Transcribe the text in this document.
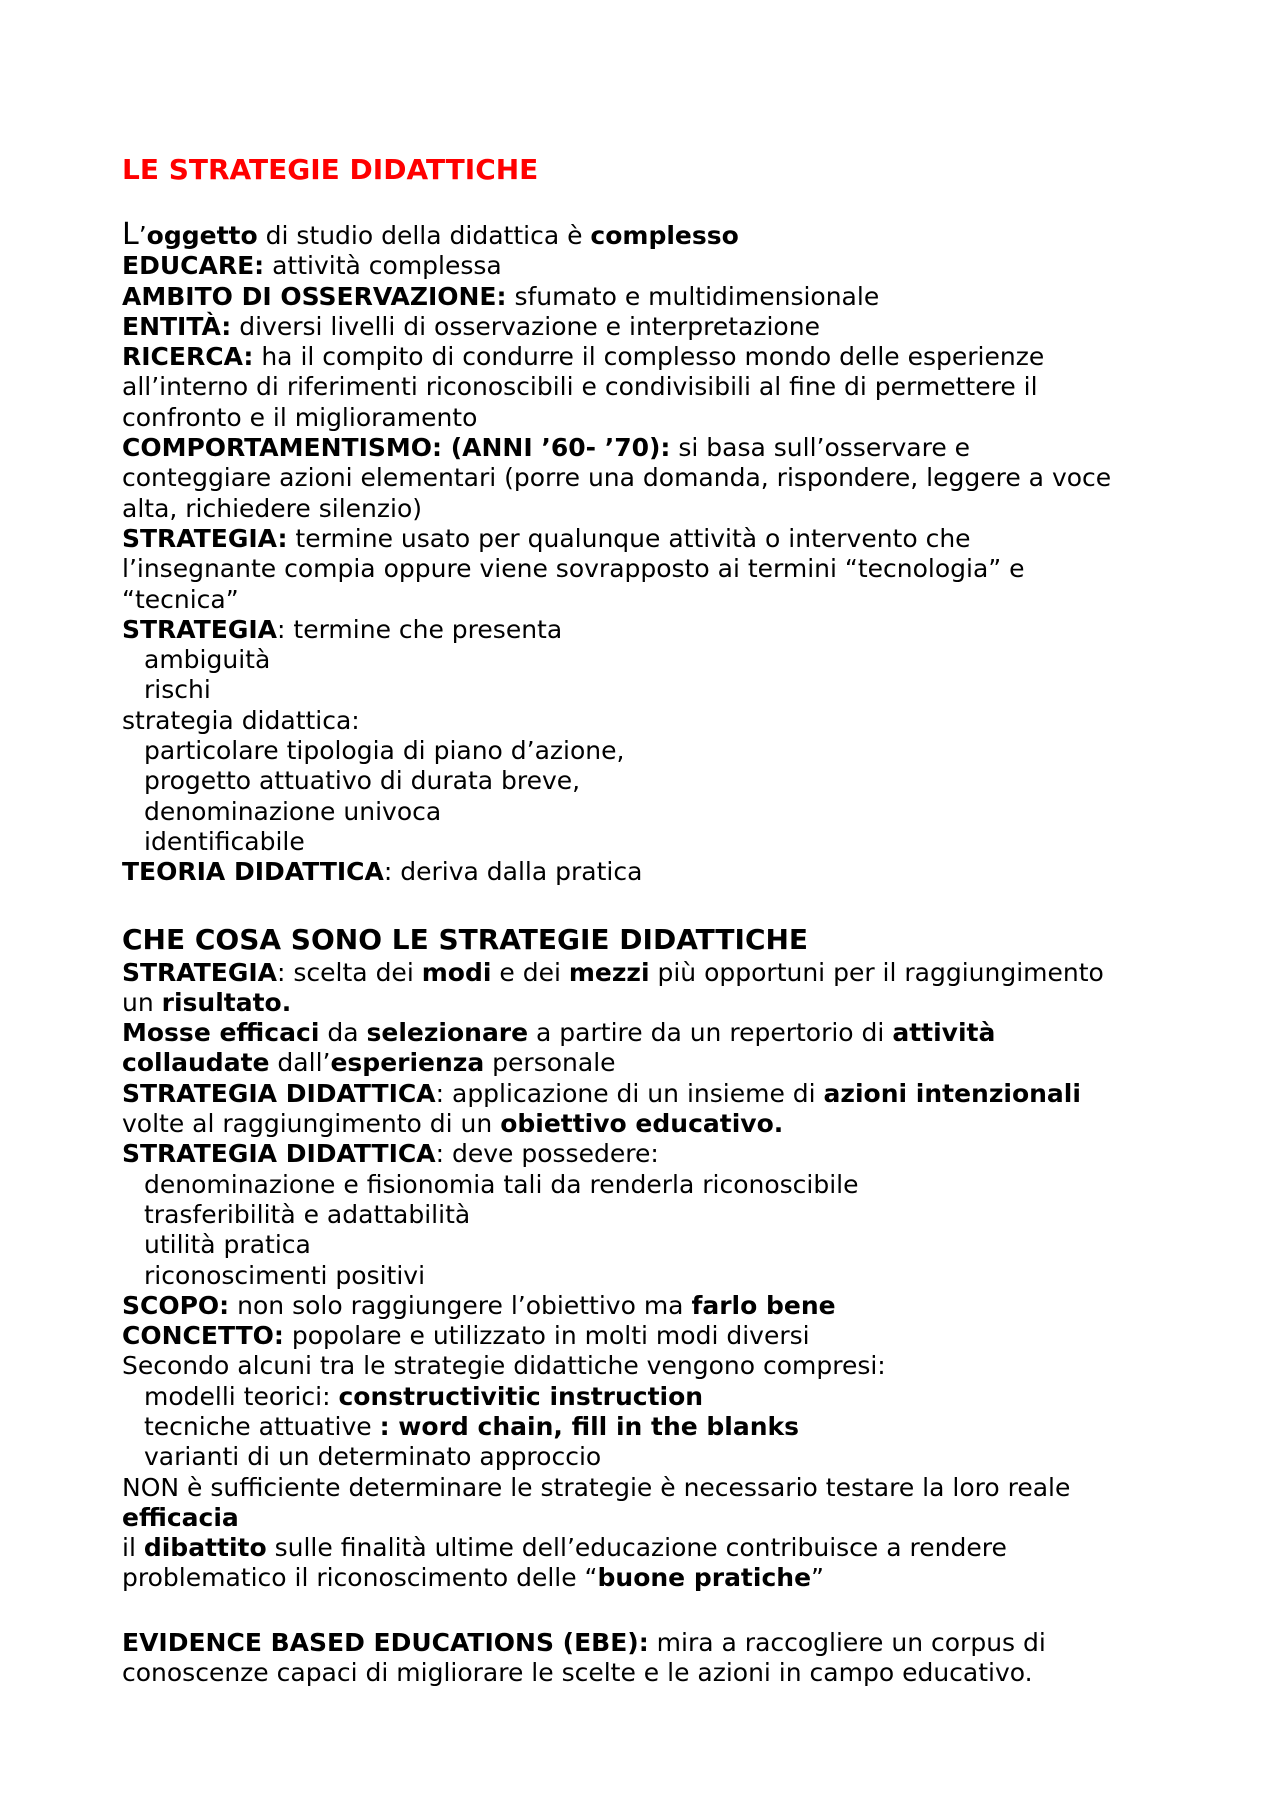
LE STRATEGIE DIDATTICHE
L’oggetto di studio della didattica è complesso
EDUCARE: attività complessa
AMBITO DI OSSERVAZIONE: sfumato e multidimensionale
ENTITÀ: diversi livelli di osservazione e interpretazione
RICERCA: ha il compito di condurre il complesso mondo delle esperienze
all’interno di riferimenti riconoscibili e condivisibili al fine di permettere il
confronto e il miglioramento
COMPORTAMENTISMO: (ANNI ’60- ’70): si basa sull’osservare e
conteggiare azioni elementari (porre una domanda, rispondere, leggere a voce
alta, richiedere silenzio)
STRATEGIA: termine usato per qualunque attività o intervento che
l’insegnante compia oppure viene sovrapposto ai termini “tecnologia” e
“tecnica”
STRATEGIA: termine che presenta
ambiguità
rischi
strategia didattica:
particolare tipologia di piano d’azione,
progetto attuativo di durata breve,
denominazione univoca
identificabile
TEORIA DIDATTICA: deriva dalla pratica
CHE COSA SONO LE STRATEGIE DIDATTICHE
STRATEGIA: scelta dei modi e dei mezzi più opportuni per il raggiungimento
un risultato.
Mosse efficaci da selezionare a partire da un repertorio di attività
collaudate dall’esperienza personale
STRATEGIA DIDATTICA: applicazione di un insieme di azioni intenzionali
volte al raggiungimento di un obiettivo educativo.
STRATEGIA DIDATTICA: deve possedere:
denominazione e fisionomia tali da renderla riconoscibile
trasferibilità e adattabilità
utilità pratica
riconoscimenti positivi
SCOPO: non solo raggiungere l’obiettivo ma farlo bene
CONCETTO: popolare e utilizzato in molti modi diversi
Secondo alcuni tra le strategie didattiche vengono compresi:
modelli teorici: constructivitic instruction
tecniche attuative : word chain, fill in the blanks
varianti di un determinato approccio
NON è sufficiente determinare le strategie è necessario testare la loro reale
efficacia
il dibattito sulle finalità ultime dell’educazione contribuisce a rendere
problematico il riconoscimento delle “buone pratiche”
EVIDENCE BASED EDUCATIONS (EBE): mira a raccogliere un corpus di
conoscenze capaci di migliorare le scelte e le azioni in campo educativo.
